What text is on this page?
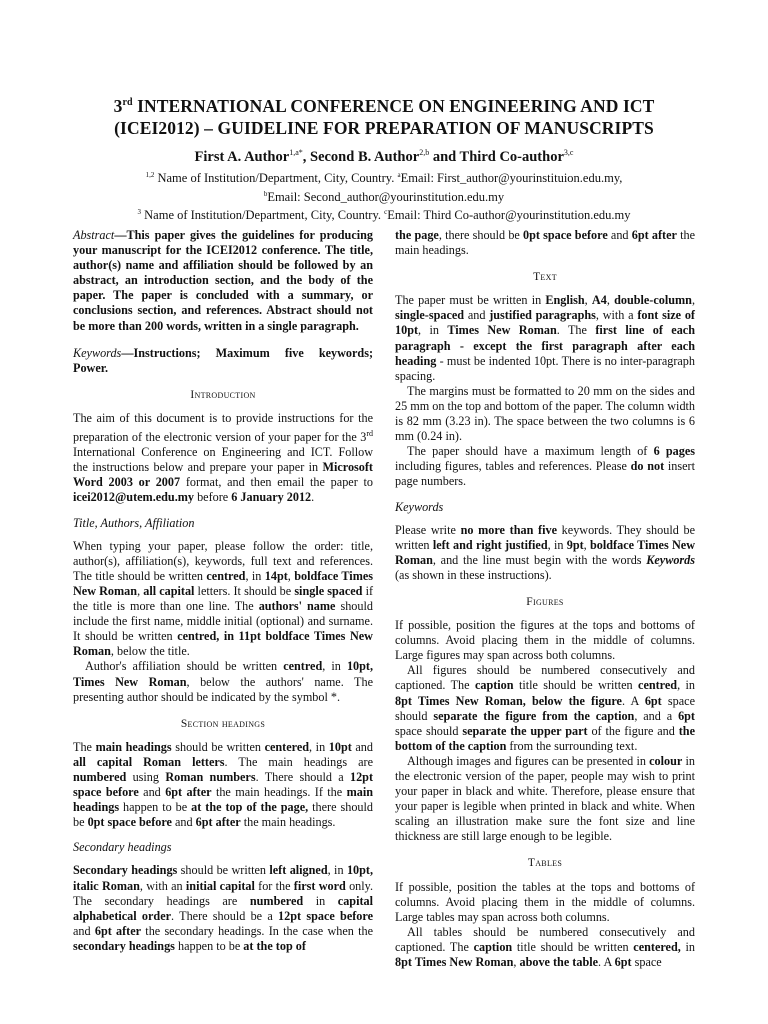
3rd INTERNATIONAL CONFERENCE ON ENGINEERING AND ICT
(ICEI2012) – GUIDELINE FOR PREPARATION OF MANUSCRIPTS
First A. Author$^{1,a*}$, Second B. Author$^{2,b}$ and Third Co-author$^{3,c}$
$^{1,2}$ Name of Institution/Department, City, Country. $^a$Email: First_author@yourinstituion.edu.my,
$^b$Email: Second_author@yourinstitution.edu.my
$^3$ Name of Institution/Department, City, Country. $^c$Email: Third Co-author@yourinstitution.edu.my

Abstract—This paper gives the guidelines for producing your manuscript for the ICEI2012 conference. The title, author(s) name and affiliation should be followed by an abstract, an introduction section, and the body of the paper. The paper is concluded with a summary, or conclusions section, and references. Abstract should not be more than 200 words, written in a single paragraph.

Keywords—Instructions; Maximum five keywords; Power.

Introduction

The aim of this document is to provide instructions for the preparation of the electronic version of your paper for the 3rd International Conference on Engineering and ICT. Follow the instructions below and prepare your paper in Microsoft Word 2003 or 2007 format, and then email the paper to icei2012@utem.edu.my before 6 January 2012.

Title, Authors, Affiliation

When typing your paper, please follow the order: title, author(s), affiliation(s), keywords, full text and references. The title should be written centred, in 14pt, boldface Times New Roman, all capital letters. It should be single spaced if the title is more than one line. The authors' name should include the first name, middle initial (optional) and surname. It should be written centred, in 11pt boldface Times New Roman, below the title.

Author's affiliation should be written centred, in 10pt, Times New Roman, below the authors' name. The presenting author should be indicated by the symbol *.

Section headings

The main headings should be written centered, in 10pt and all capital Roman letters. The main headings are numbered using Roman numbers. There should a 12pt space before and 6pt after the main headings. If the main headings happen to be at the top of the page, there should be 0pt space before and 6pt after the main headings.

Secondary headings

Secondary headings should be written left aligned, in 10pt, italic Roman, with an initial capital for the first word only. The secondary headings are numbered in capital alphabetical order. There should be a 12pt space before and 6pt after the secondary headings. In the case when the secondary headings happen to be at the top of

the page, there should be 0pt space before and 6pt after the main headings.

Text

The paper must be written in English, A4, double-column, single-spaced and justified paragraphs, with a font size of 10pt, in Times New Roman. The first line of each paragraph - except the first paragraph after each heading - must be indented 10pt. There is no inter-paragraph spacing.

The margins must be formatted to 20 mm on the sides and 25 mm on the top and bottom of the paper. The column width is 82 mm (3.23 in). The space between the two columns is 6 mm (0.24 in).

The paper should have a maximum length of 6 pages including figures, tables and references. Please do not insert page numbers.

Keywords

Please write no more than five keywords. They should be written left and right justified, in 9pt, boldface Times New Roman, and the line must begin with the words Keywords (as shown in these instructions).

Figures

If possible, position the figures at the tops and bottoms of columns. Avoid placing them in the middle of columns. Large figures may span across both columns.

All figures should be numbered consecutively and captioned. The caption title should be written centred, in 8pt Times New Roman, below the figure. A 6pt space should separate the figure from the caption, and a 6pt space should separate the upper part of the figure and the bottom of the caption from the surrounding text.

Although images and figures can be presented in colour in the electronic version of the paper, people may wish to print your paper in black and white. Therefore, please ensure that your paper is legible when printed in black and white. When scaling an illustration make sure the font size and line thickness are still large enough to be legible.

Tables

If possible, position the tables at the tops and bottoms of columns. Avoid placing them in the middle of columns. Large tables may span across both columns.

All tables should be numbered consecutively and captioned. The caption title should be written centered, in 8pt Times New Roman, above the table. A 6pt space
